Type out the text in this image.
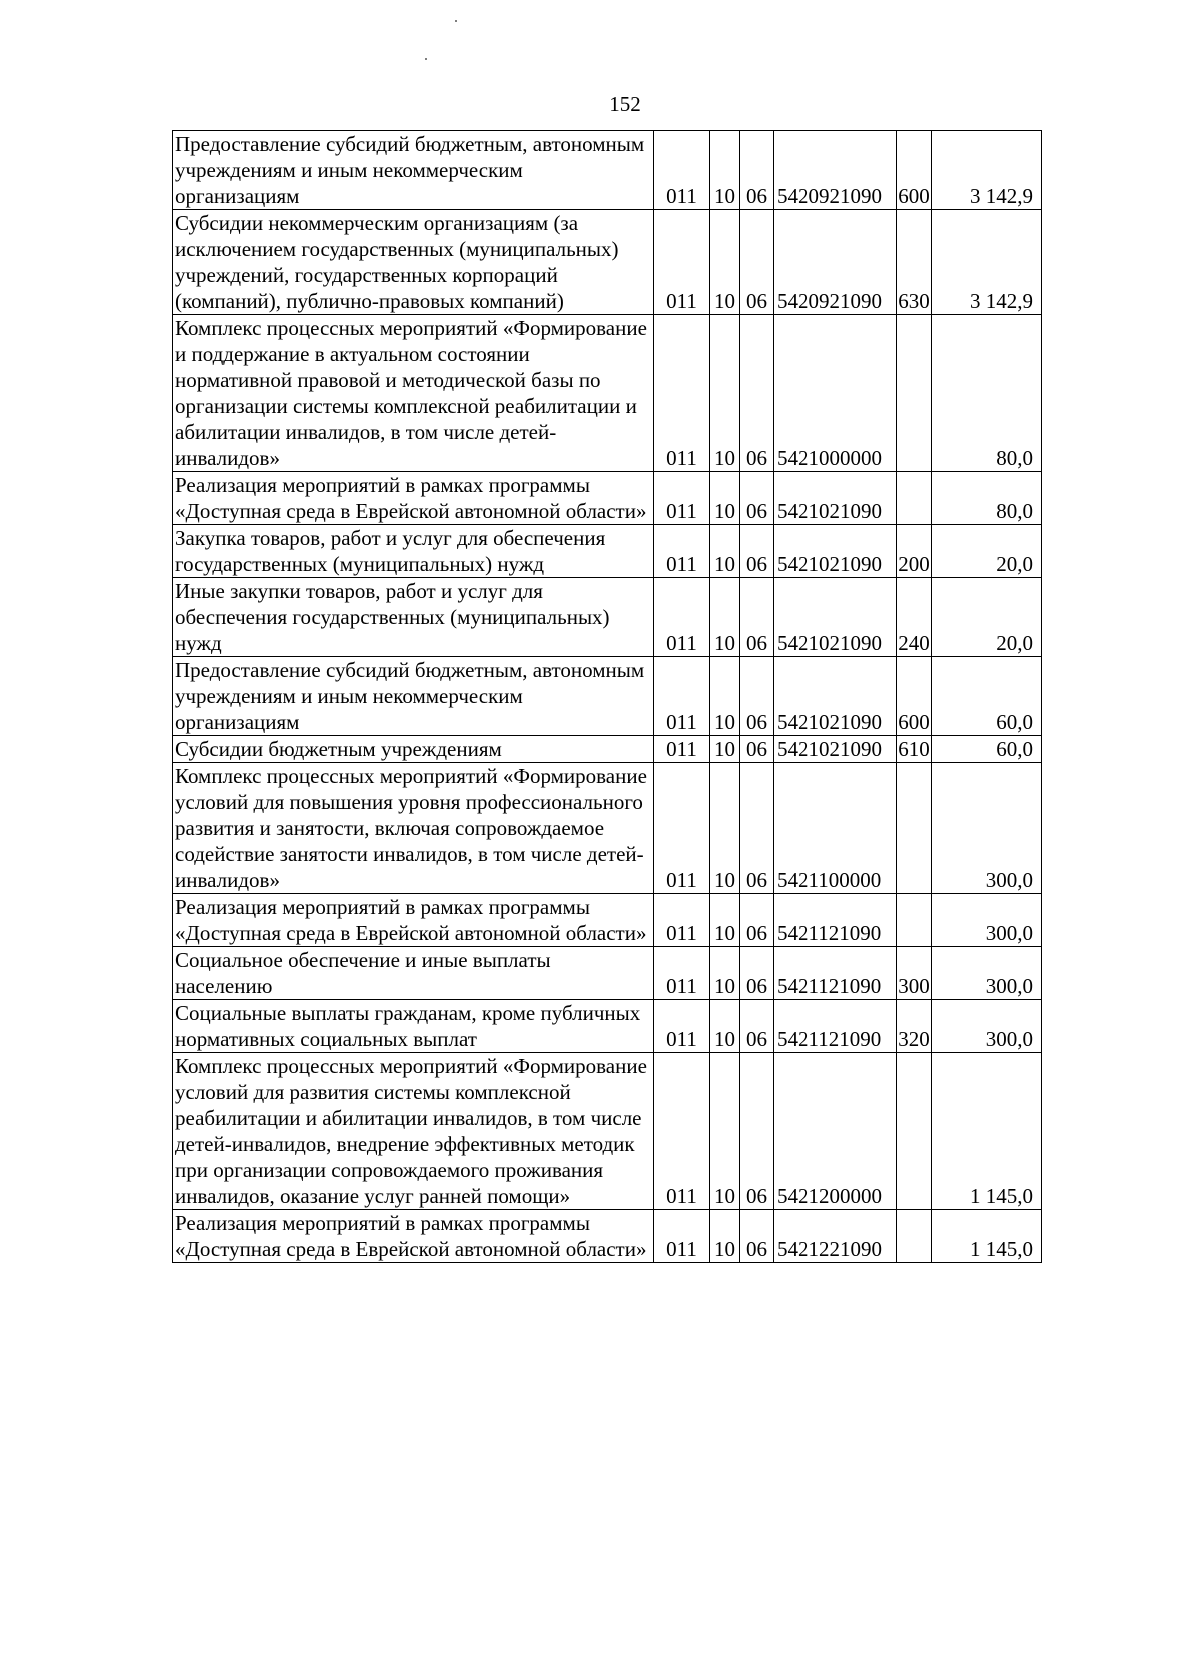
152
Предоставление субсидий бюджетным, автономным учреждениям и иным некоммерческим организациям	011	10	06	5420921090	600	3 142,9
Субсидии некоммерческим организациям (за исключением государственных (муниципальных) учреждений, государственных корпораций (компаний), публично-правовых компаний)	011	10	06	5420921090	630	3 142,9
Комплекс процессных мероприятий «Формирование и поддержание в актуальном состоянии нормативной правовой и методической базы по организации системы комплексной реабилитации и абилитации инвалидов, в том числе детей-инвалидов»	011	10	06	5421000000		80,0
Реализация мероприятий в рамках программы «Доступная среда в Еврейской автономной области»	011	10	06	5421021090		80,0
Закупка товаров, работ и услуг для обеспечения государственных (муниципальных) нужд	011	10	06	5421021090	200	20,0
Иные закупки товаров, работ и услуг для обеспечения государственных (муниципальных) нужд	011	10	06	5421021090	240	20,0
Предоставление субсидий бюджетным, автономным учреждениям и иным некоммерческим организациям	011	10	06	5421021090	600	60,0
Субсидии бюджетным учреждениям	011	10	06	5421021090	610	60,0
Комплекс процессных мероприятий «Формирование условий для повышения уровня профессионального развития и занятости, включая сопровождаемое содействие занятости инвалидов, в том числе детей-инвалидов»	011	10	06	5421100000		300,0
Реализация мероприятий в рамках программы «Доступная среда в Еврейской автономной области»	011	10	06	5421121090		300,0
Социальное обеспечение и иные выплаты населению	011	10	06	5421121090	300	300,0
Социальные выплаты гражданам, кроме публичных нормативных социальных выплат	011	10	06	5421121090	320	300,0
Комплекс процессных мероприятий «Формирование условий для развития системы комплексной реабилитации и абилитации инвалидов, в том числе детей-инвалидов, внедрение эффективных методик при организации сопровождаемого проживания инвалидов, оказание услуг ранней помощи»	011	10	06	5421200000		1 145,0
Реализация мероприятий в рамках программы «Доступная среда в Еврейской автономной области»	011	10	06	5421221090		1 145,0
